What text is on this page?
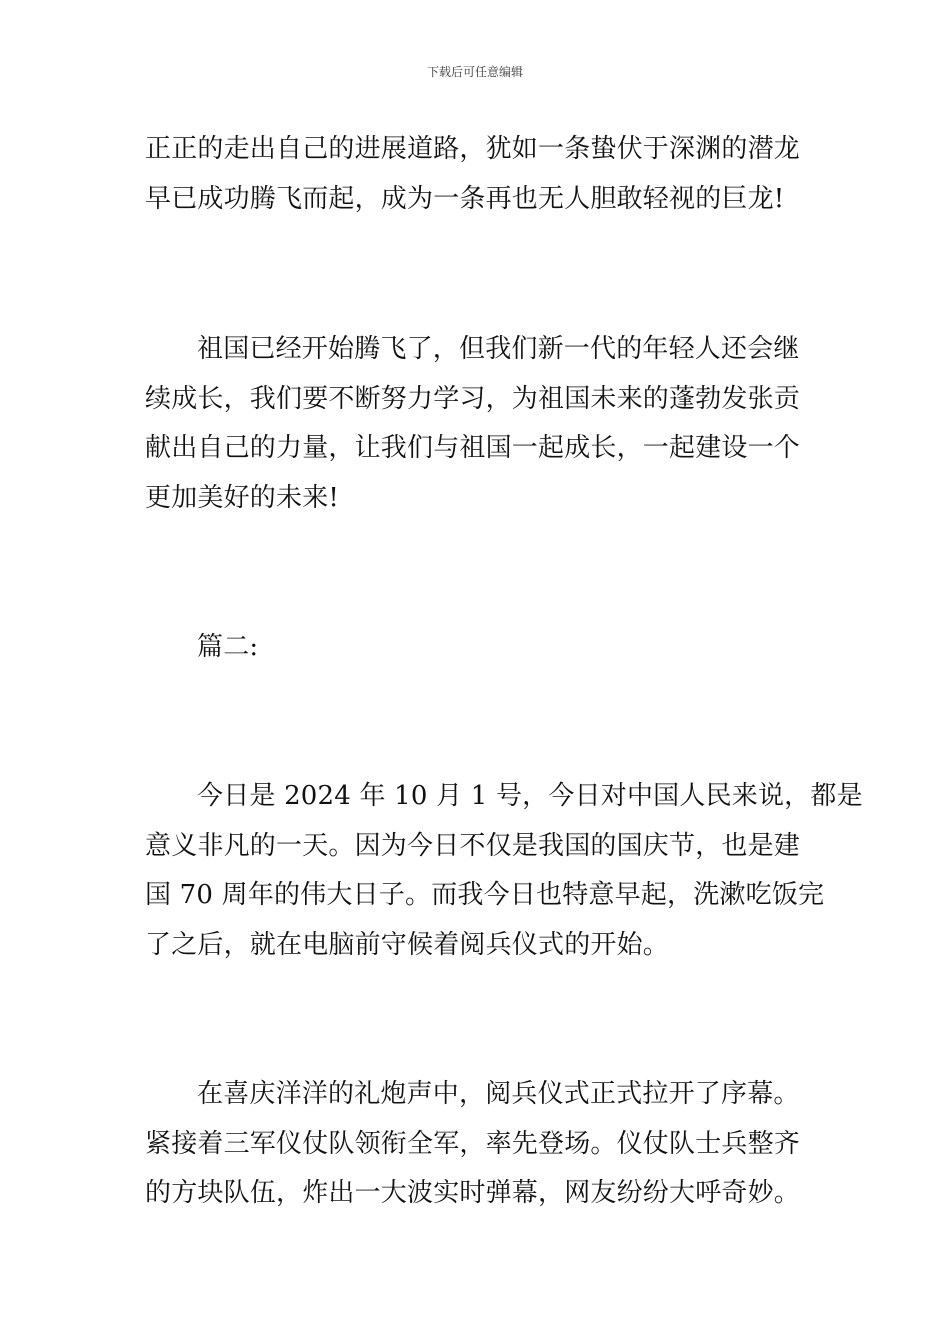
下载后可任意编辑
正正的走出自己的进展道路，犹如一条蛰伏于深渊的潜龙
早已成功腾飞而起，成为一条再也无人胆敢轻视的巨龙!
祖国已经开始腾飞了，但我们新一代的年轻人还会继
续成长，我们要不断努力学习，为祖国未来的蓬勃发张贡
献出自己的力量，让我们与祖国一起成长，一起建设一个
更加美好的未来!
篇二:
今日是 2024 年 10 月 1 号，今日对中国人民来说，都是
意义非凡的一天。因为今日不仅是我国的国庆节，也是建
国 70 周年的伟大日子。而我今日也特意早起，洗漱吃饭完
了之后，就在电脑前守候着阅兵仪式的开始。
在喜庆洋洋的礼炮声中，阅兵仪式正式拉开了序幕。
紧接着三军仪仗队领衔全军，率先登场。仪仗队士兵整齐
的方块队伍，炸出一大波实时弹幕，网友纷纷大呼奇妙。
